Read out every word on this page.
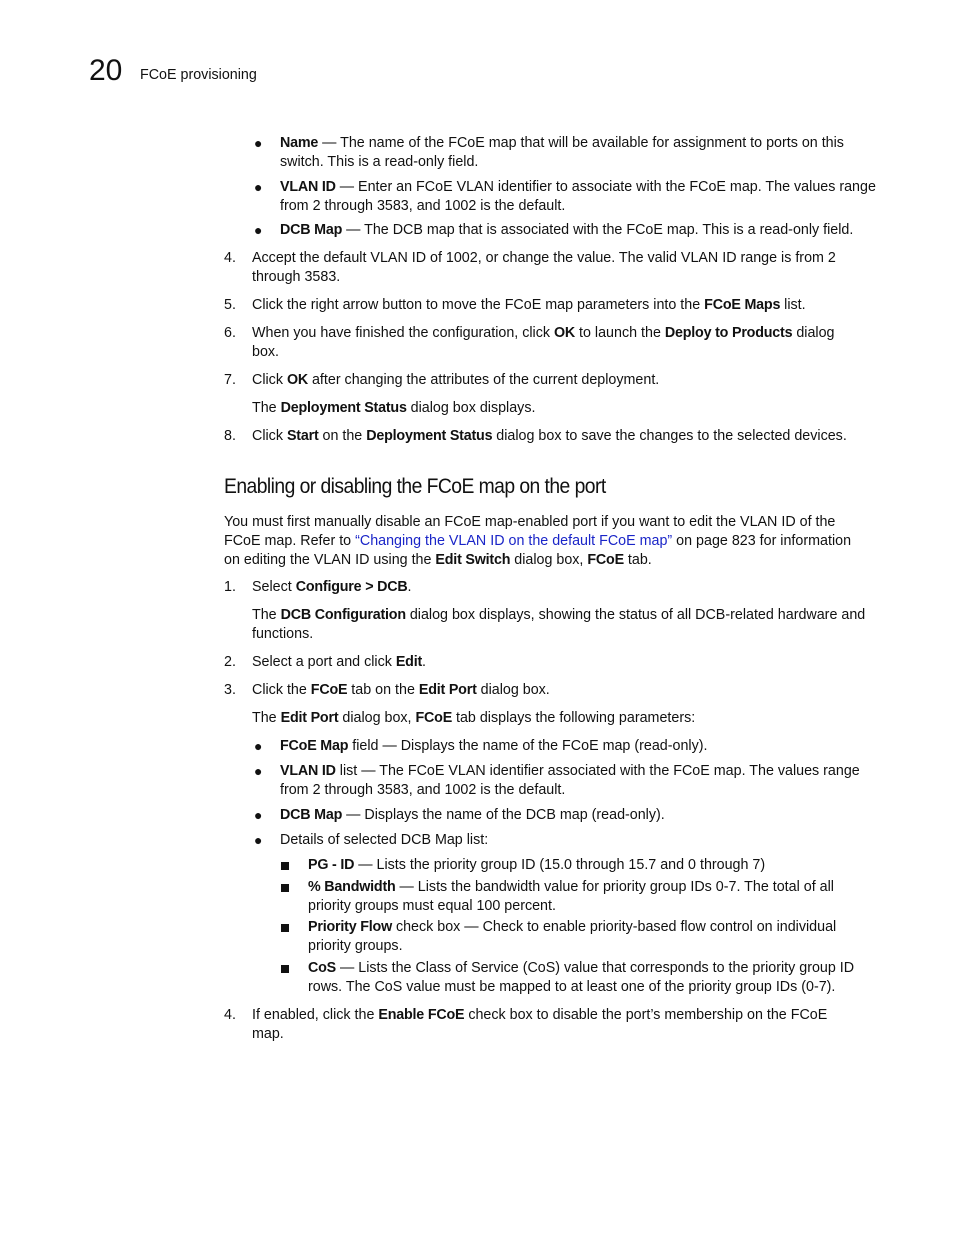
20 FCoE provisioning
● Name — The name of the FCoE map that will be available for assignment to ports on this
switch. This is a read-only field.
● VLAN ID — Enter an FCoE VLAN identifier to associate with the FCoE map. The values range
from 2 through 3583, and 1002 is the default.
● DCB Map — The DCB map that is associated with the FCoE map. This is a read-only field.
4.	Accept the default VLAN ID of 1002, or change the value. The valid VLAN ID range is from 2
through 3583.
5.	Click the right arrow button to move the FCoE map parameters into the FCoE Maps list.
6.	When you have finished the configuration, click OK to launch the Deploy to Products dialog
box.
7.	Click OK after changing the attributes of the current deployment.
The Deployment Status dialog box displays.
8.	Click Start on the Deployment Status dialog box to save the changes to the selected devices.
Enabling or disabling the FCoE map on the port
You must first manually disable an FCoE map-enabled port if you want to edit the VLAN ID of the
FCoE map. Refer to “Changing the VLAN ID on the default FCoE map” on page 823 for information
on editing the VLAN ID using the Edit Switch dialog box, FCoE tab.
1.	Select Configure > DCB.
The DCB Configuration dialog box displays, showing the status of all DCB-related hardware and
functions.
2.	Select a port and click Edit.
3.	Click the FCoE tab on the Edit Port dialog box.
The Edit Port dialog box, FCoE tab displays the following parameters:
● FCoE Map field — Displays the name of the FCoE map (read-only).
● VLAN ID list — The FCoE VLAN identifier associated with the FCoE map. The values range
from 2 through 3583, and 1002 is the default.
● DCB Map — Displays the name of the DCB map (read-only).
● Details of selected DCB Map list:
PG - ID — Lists the priority group ID (15.0 through 15.7 and 0 through 7)
% Bandwidth — Lists the bandwidth value for priority group IDs 0-7. The total of all
priority groups must equal 100 percent.
Priority Flow check box — Check to enable priority-based flow control on individual
priority groups.
CoS — Lists the Class of Service (CoS) value that corresponds to the priority group ID
rows. The CoS value must be mapped to at least one of the priority group IDs (0-7).
4.	If enabled, click the Enable FCoE check box to disable the port’s membership on the FCoE
map.
